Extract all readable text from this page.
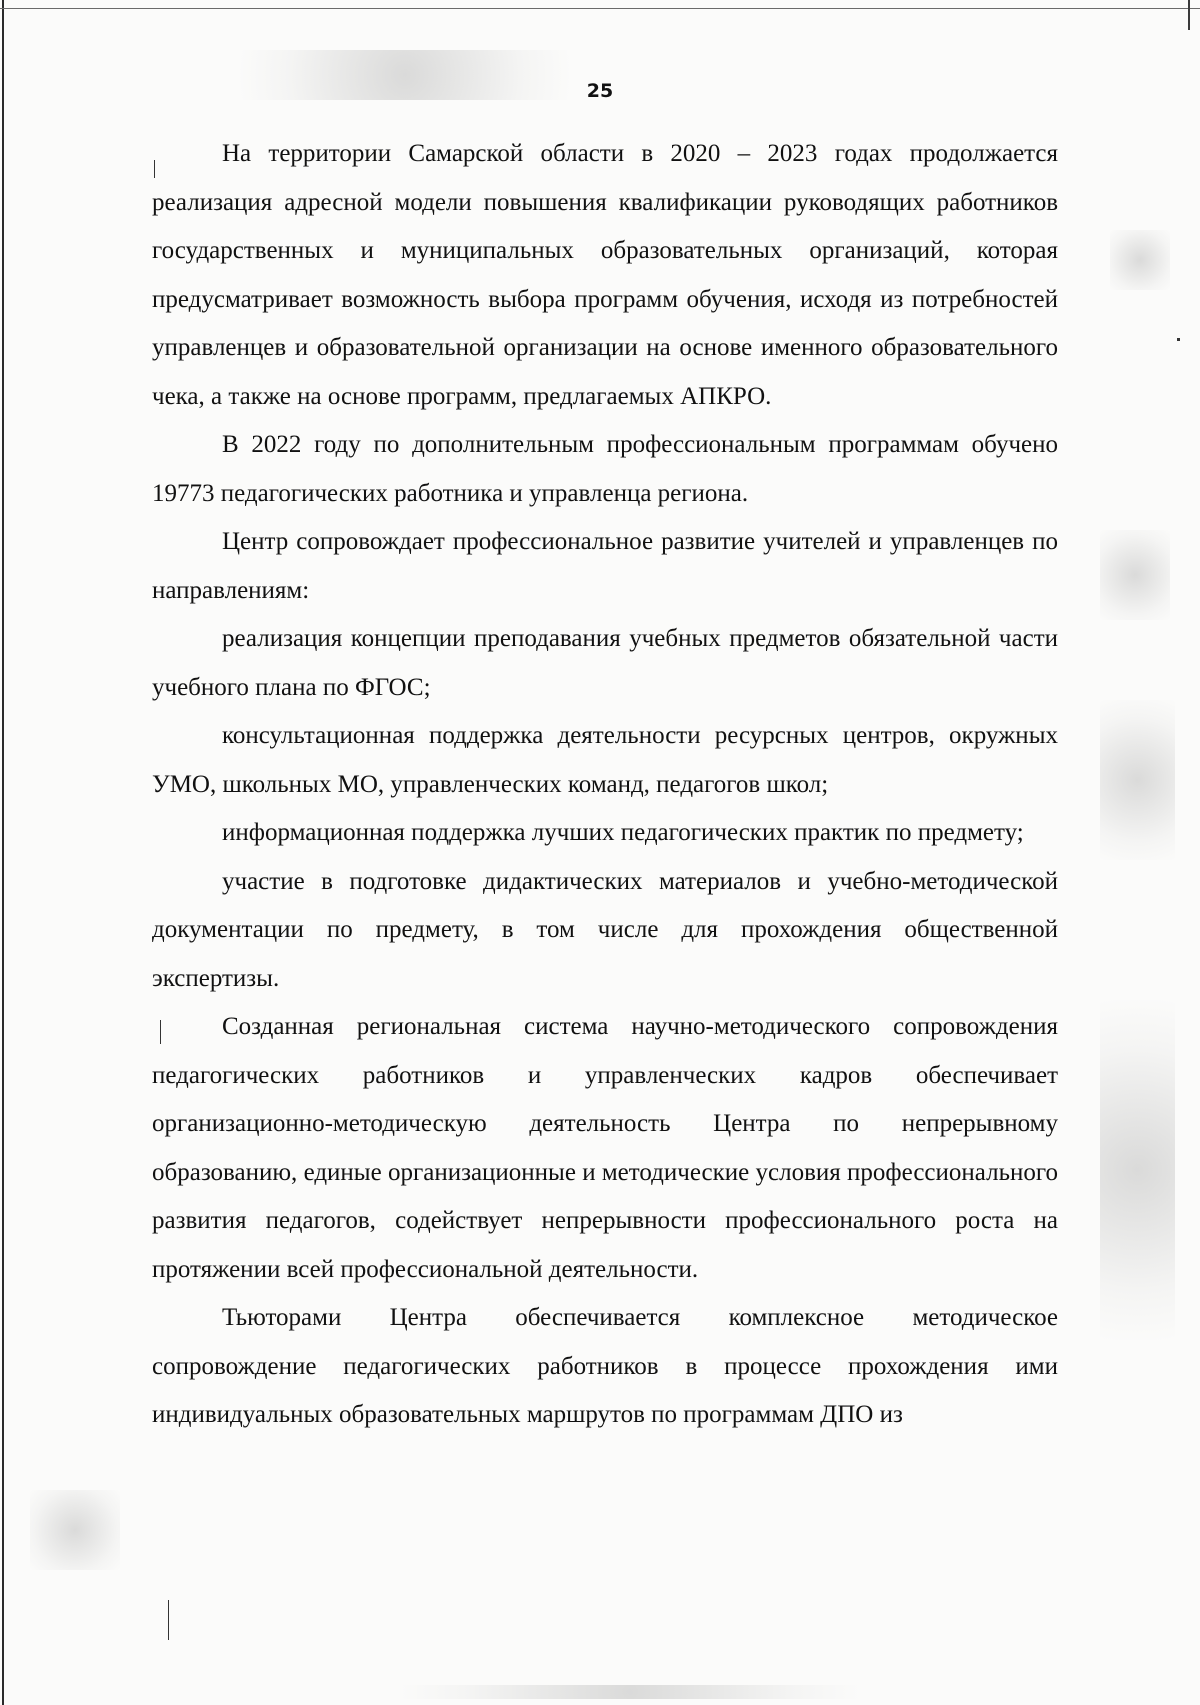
25

На территории Самарской области в 2020 – 2023 годах продолжается реализация адресной модели повышения квалификации руководящих работников государственных и муниципальных образовательных организаций, которая предусматривает возможность выбора программ обучения, исходя из потребностей управленцев и образовательной организации на основе именного образовательного чека, а также на основе программ, предлагаемых АПКРО.

В 2022 году по дополнительным профессиональным программам обучено 19773 педагогических работника и управленца региона.

Центр сопровождает профессиональное развитие учителей и управленцев по направлениям:

реализация концепции преподавания учебных предметов обязательной части учебного плана по ФГОС;

консультационная поддержка деятельности ресурсных центров, окружных УМО, школьных МО, управленческих команд, педагогов школ;

информационная поддержка лучших педагогических практик по предмету;

участие в подготовке дидактических материалов и учебно-методической документации по предмету, в том числе для прохождения общественной экспертизы.

Созданная региональная система научно-методического сопровождения педагогических работников и управленческих кадров обеспечивает организационно-методическую деятельность Центра по непрерывному образованию, единые организационные и методические условия профессионального развития педагогов, содействует непрерывности профессионального роста на протяжении всей профессиональной деятельности.

Тьюторами Центра обеспечивается комплексное методическое сопровождение педагогических работников в процессе прохождения ими индивидуальных образовательных маршрутов по программам ДПО из
